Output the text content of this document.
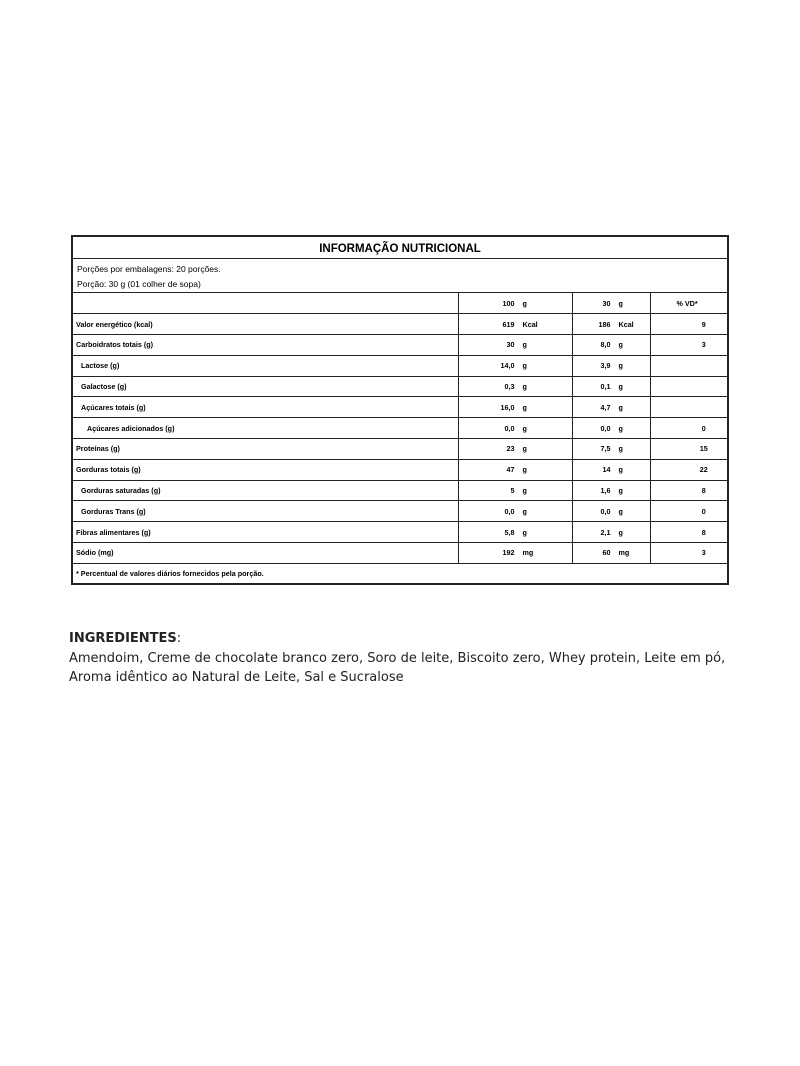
INFORMAÇÃO NUTRICIONAL
Porções por embalagens: 20 porções.
Porção: 30 g (01 colher de sopa)
	100 g	30 g	% VD*
Valor energético (kcal)	619 Kcal	186 Kcal	9
Carboidratos totais (g)	30 g	8,0 g	3
Lactose (g)	14,0 g	3,9 g	
Galactose (g)	0,3 g	0,1 g	
Açúcares totais (g)	16,0 g	4,7 g	
Açúcares adicionados (g)	0,0 g	0,0 g	0
Proteínas (g)	23 g	7,5 g	15
Gorduras totais (g)	47 g	14 g	22
Gorduras saturadas (g)	5 g	1,6 g	8
Gorduras Trans (g)	0,0 g	0,0 g	0
Fibras alimentares (g)	5,8 g	2,1 g	8
Sódio (mg)	192 mg	60 mg	3
* Percentual de valores diários fornecidos pela porção.
INGREDIENTES:
Amendoim, Creme de chocolate branco zero, Soro de leite, Biscoito zero, Whey protein, Leite em pó, Aroma idêntico ao Natural de Leite, Sal e Sucralose
